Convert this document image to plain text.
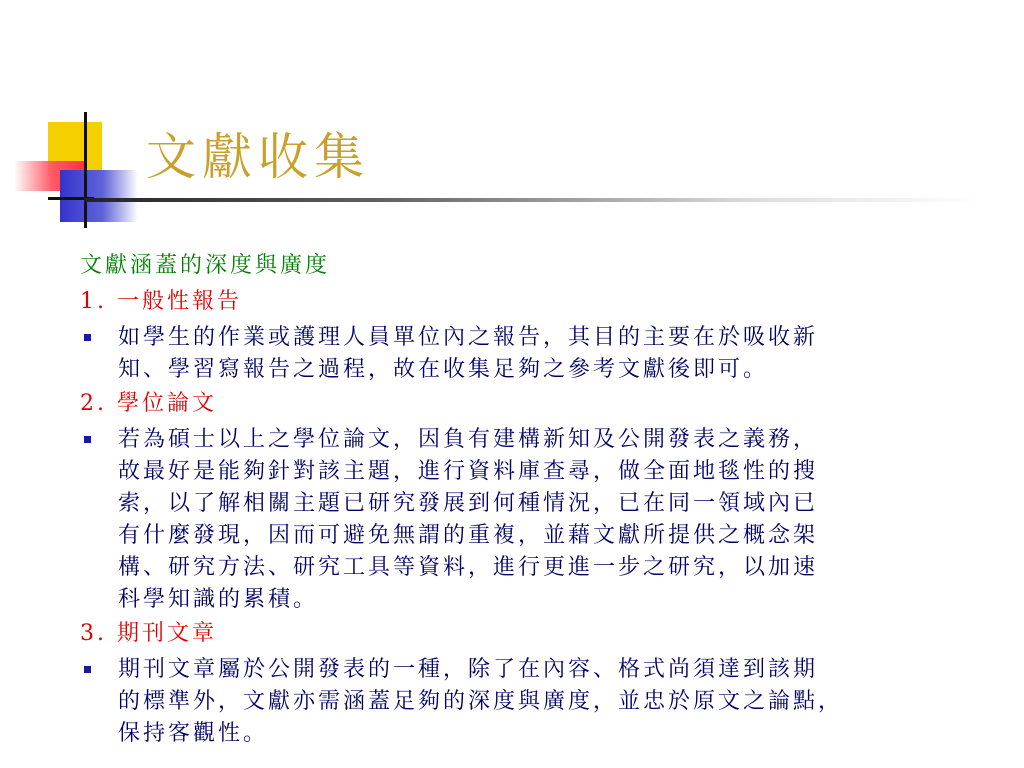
文獻收集
文獻涵蓋的深度與廣度
1. 一般性報告
如學生的作業或護理人員單位內之報告，其目的主要在於吸收新
知、學習寫報告之過程，故在收集足夠之參考文獻後即可。
2. 學位論文
若為碩士以上之學位論文，因負有建構新知及公開發表之義務，
故最好是能夠針對該主題，進行資料庫查尋，做全面地毯性的搜
索，以了解相關主題已研究發展到何種情況，已在同一領域內已
有什麼發現，因而可避免無謂的重複，並藉文獻所提供之概念架
構、研究方法、研究工具等資料，進行更進一步之研究，以加速
科學知識的累積。
3. 期刊文章
期刊文章屬於公開發表的一種，除了在內容、格式尚須達到該期
的標準外，文獻亦需涵蓋足夠的深度與廣度，並忠於原文之論點，
保持客觀性。
